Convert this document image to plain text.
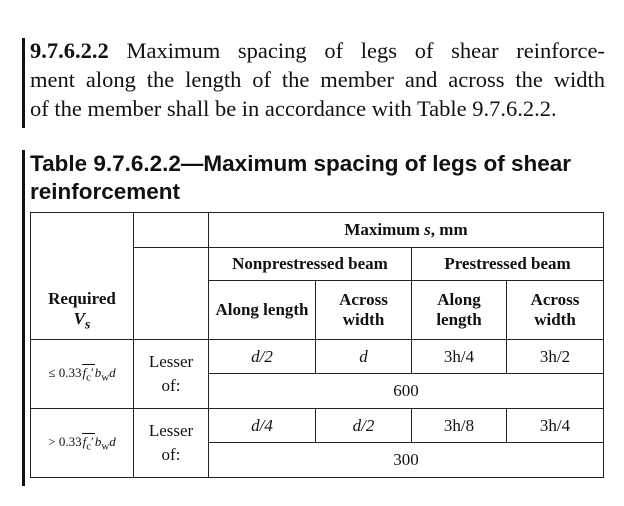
9.7.6.2.2 Maximum spacing of legs of shear reinforce-
ment along the length of the member and across the width
of the member shall be in accordance with Table 9.7.6.2.2.
Table 9.7.6.2.2—Maximum spacing of legs of shear reinforcement
Required
$V_s$		Maximum s, mm			
		Nonprestressed beam		Prestressed beam	
		Along length	Across width	Along length	Across width
≤ $0.33f_c'b_wd$	Lesser of:	d/2	d	3h/4	3h/2
		600			
> $0.33f_c'b_wd$	Lesser of:	d/4	d/2	3h/8	3h/4
		300			
